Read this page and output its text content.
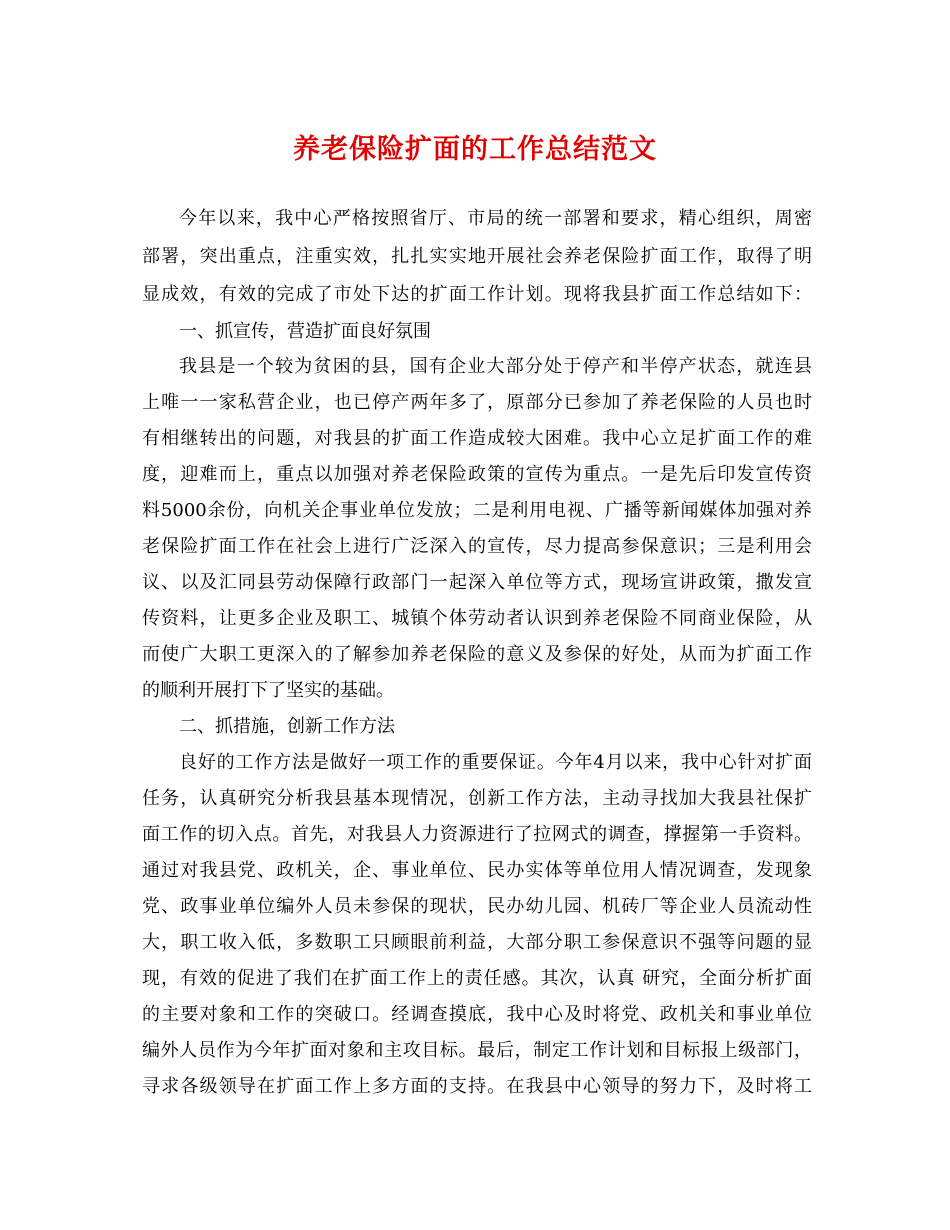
养老保险扩面的工作总结范文
今年以来，我中心严格按照省厅、市局的统一部署和要求，精心组织，周密
部署，突出重点，注重实效，扎扎实实地开展社会养老保险扩面工作，取得了明
显成效，有效的完成了市处下达的扩面工作计划。现将我县扩面工作总结如下：
一、抓宣传，营造扩面良好氛围
我县是一个较为贫困的县，国有企业大部分处于停产和半停产状态，就连县
上唯一一家私营企业，也已停产两年多了，原部分已参加了养老保险的人员也时
有相继转出的问题，对我县的扩面工作造成较大困难。我中心立足扩面工作的难
度，迎难而上，重点以加强对养老保险政策的宣传为重点。一是先后印发宣传资
料5000余份，向机关企事业单位发放；二是利用电视、广播等新闻媒体加强对养
老保险扩面工作在社会上进行广泛深入的宣传，尽力提高参保意识；三是利用会
议、以及汇同县劳动保障行政部门一起深入单位等方式，现场宣讲政策，撒发宣
传资料，让更多企业及职工、城镇个体劳动者认识到养老保险不同商业保险，从
而使广大职工更深入的了解参加养老保险的意义及参保的好处，从而为扩面工作
的顺利开展打下了坚实的基础。
二、抓措施，创新工作方法
良好的工作方法是做好一项工作的重要保证。今年4月以来，我中心针对扩面
任务，认真研究分析我县基本现情况，创新工作方法，主动寻找加大我县社保扩
面工作的切入点。首先，对我县人力资源进行了拉网式的调查，撑握第一手资料。
通过对我县党、政机关，企、事业单位、民办实体等单位用人情况调查，发现象
党、政事业单位编外人员未参保的现状，民办幼儿园、机砖厂等企业人员流动性
大，职工收入低，多数职工只顾眼前利益，大部分职工参保意识不强等问题的显
现，有效的促进了我们在扩面工作上的责任感。其次，认真 研究，全面分析扩面
的主要对象和工作的突破口。经调查摸底，我中心及时将党、政机关和事业单位
编外人员作为今年扩面对象和主攻目标。最后，制定工作计划和目标报上级部门，
寻求各级领导在扩面工作上多方面的支持。在我县中心领导的努力下，及时将工
